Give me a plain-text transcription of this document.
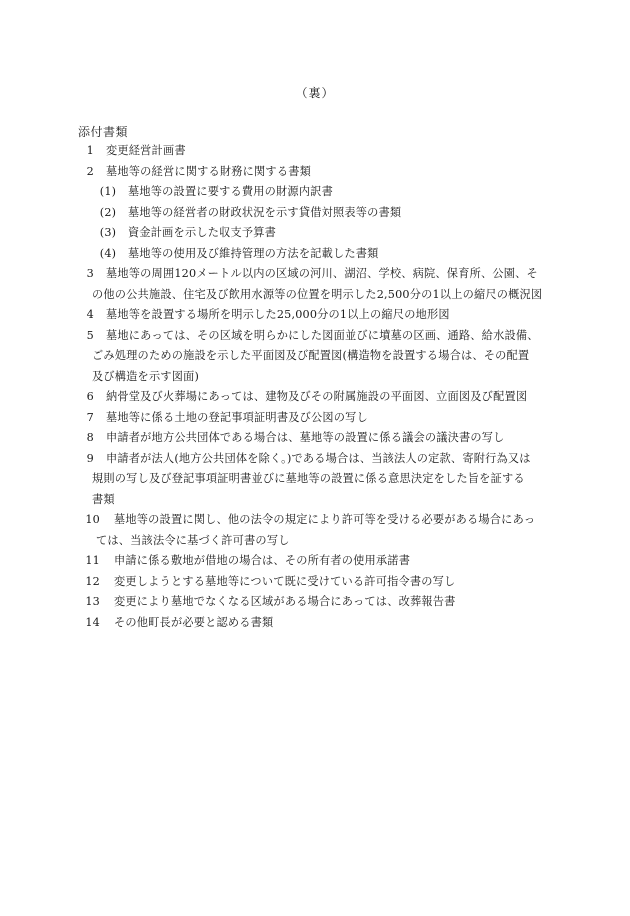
（裏）
添付書類
1 変更経営計画書
2 墓地等の経営に関する財務に関する書類
(1)	墓地等の設置に要する費用の財源内訳書
(2)	墓地等の経営者の財政状況を示す貸借対照表等の書類
(3)	資金計画を示した収支予算書
(4)	墓地等の使用及び維持管理の方法を記載した書類
3 墓地等の周囲120メートル以内の区域の河川、湖沼、学校、病院、保育所、公園、そ
の他の公共施設、住宅及び飲用水源等の位置を明示した2,500分の1以上の縮尺の概況図
4 墓地等を設置する場所を明示した25,000分の1以上の縮尺の地形図
5 墓地にあっては、その区域を明らかにした図面並びに墳墓の区画、通路、給水設備、
ごみ処理のための施設を示した平面図及び配置図(構造物を設置する場合は、その配置
及び構造を示す図面)
6 納骨堂及び火葬場にあっては、建物及びその附属施設の平面図、立面図及び配置図
7 墓地等に係る土地の登記事項証明書及び公図の写し
8 申請者が地方公共団体である場合は、墓地等の設置に係る議会の議決書の写し
9 申請者が法人(地方公共団体を除く。)である場合は、当該法人の定款、寄附行為又は
規則の写し及び登記事項証明書並びに墓地等の設置に係る意思決定をした旨を証する
書類
10 墓地等の設置に関し、他の法令の規定により許可等を受ける必要がある場合にあっ
ては、当該法令に基づく許可書の写し
11 申請に係る敷地が借地の場合は、その所有者の使用承諾書
12 変更しようとする墓地等について既に受けている許可指令書の写し
13 変更により墓地でなくなる区域がある場合にあっては、改葬報告書
14 その他町長が必要と認める書類
